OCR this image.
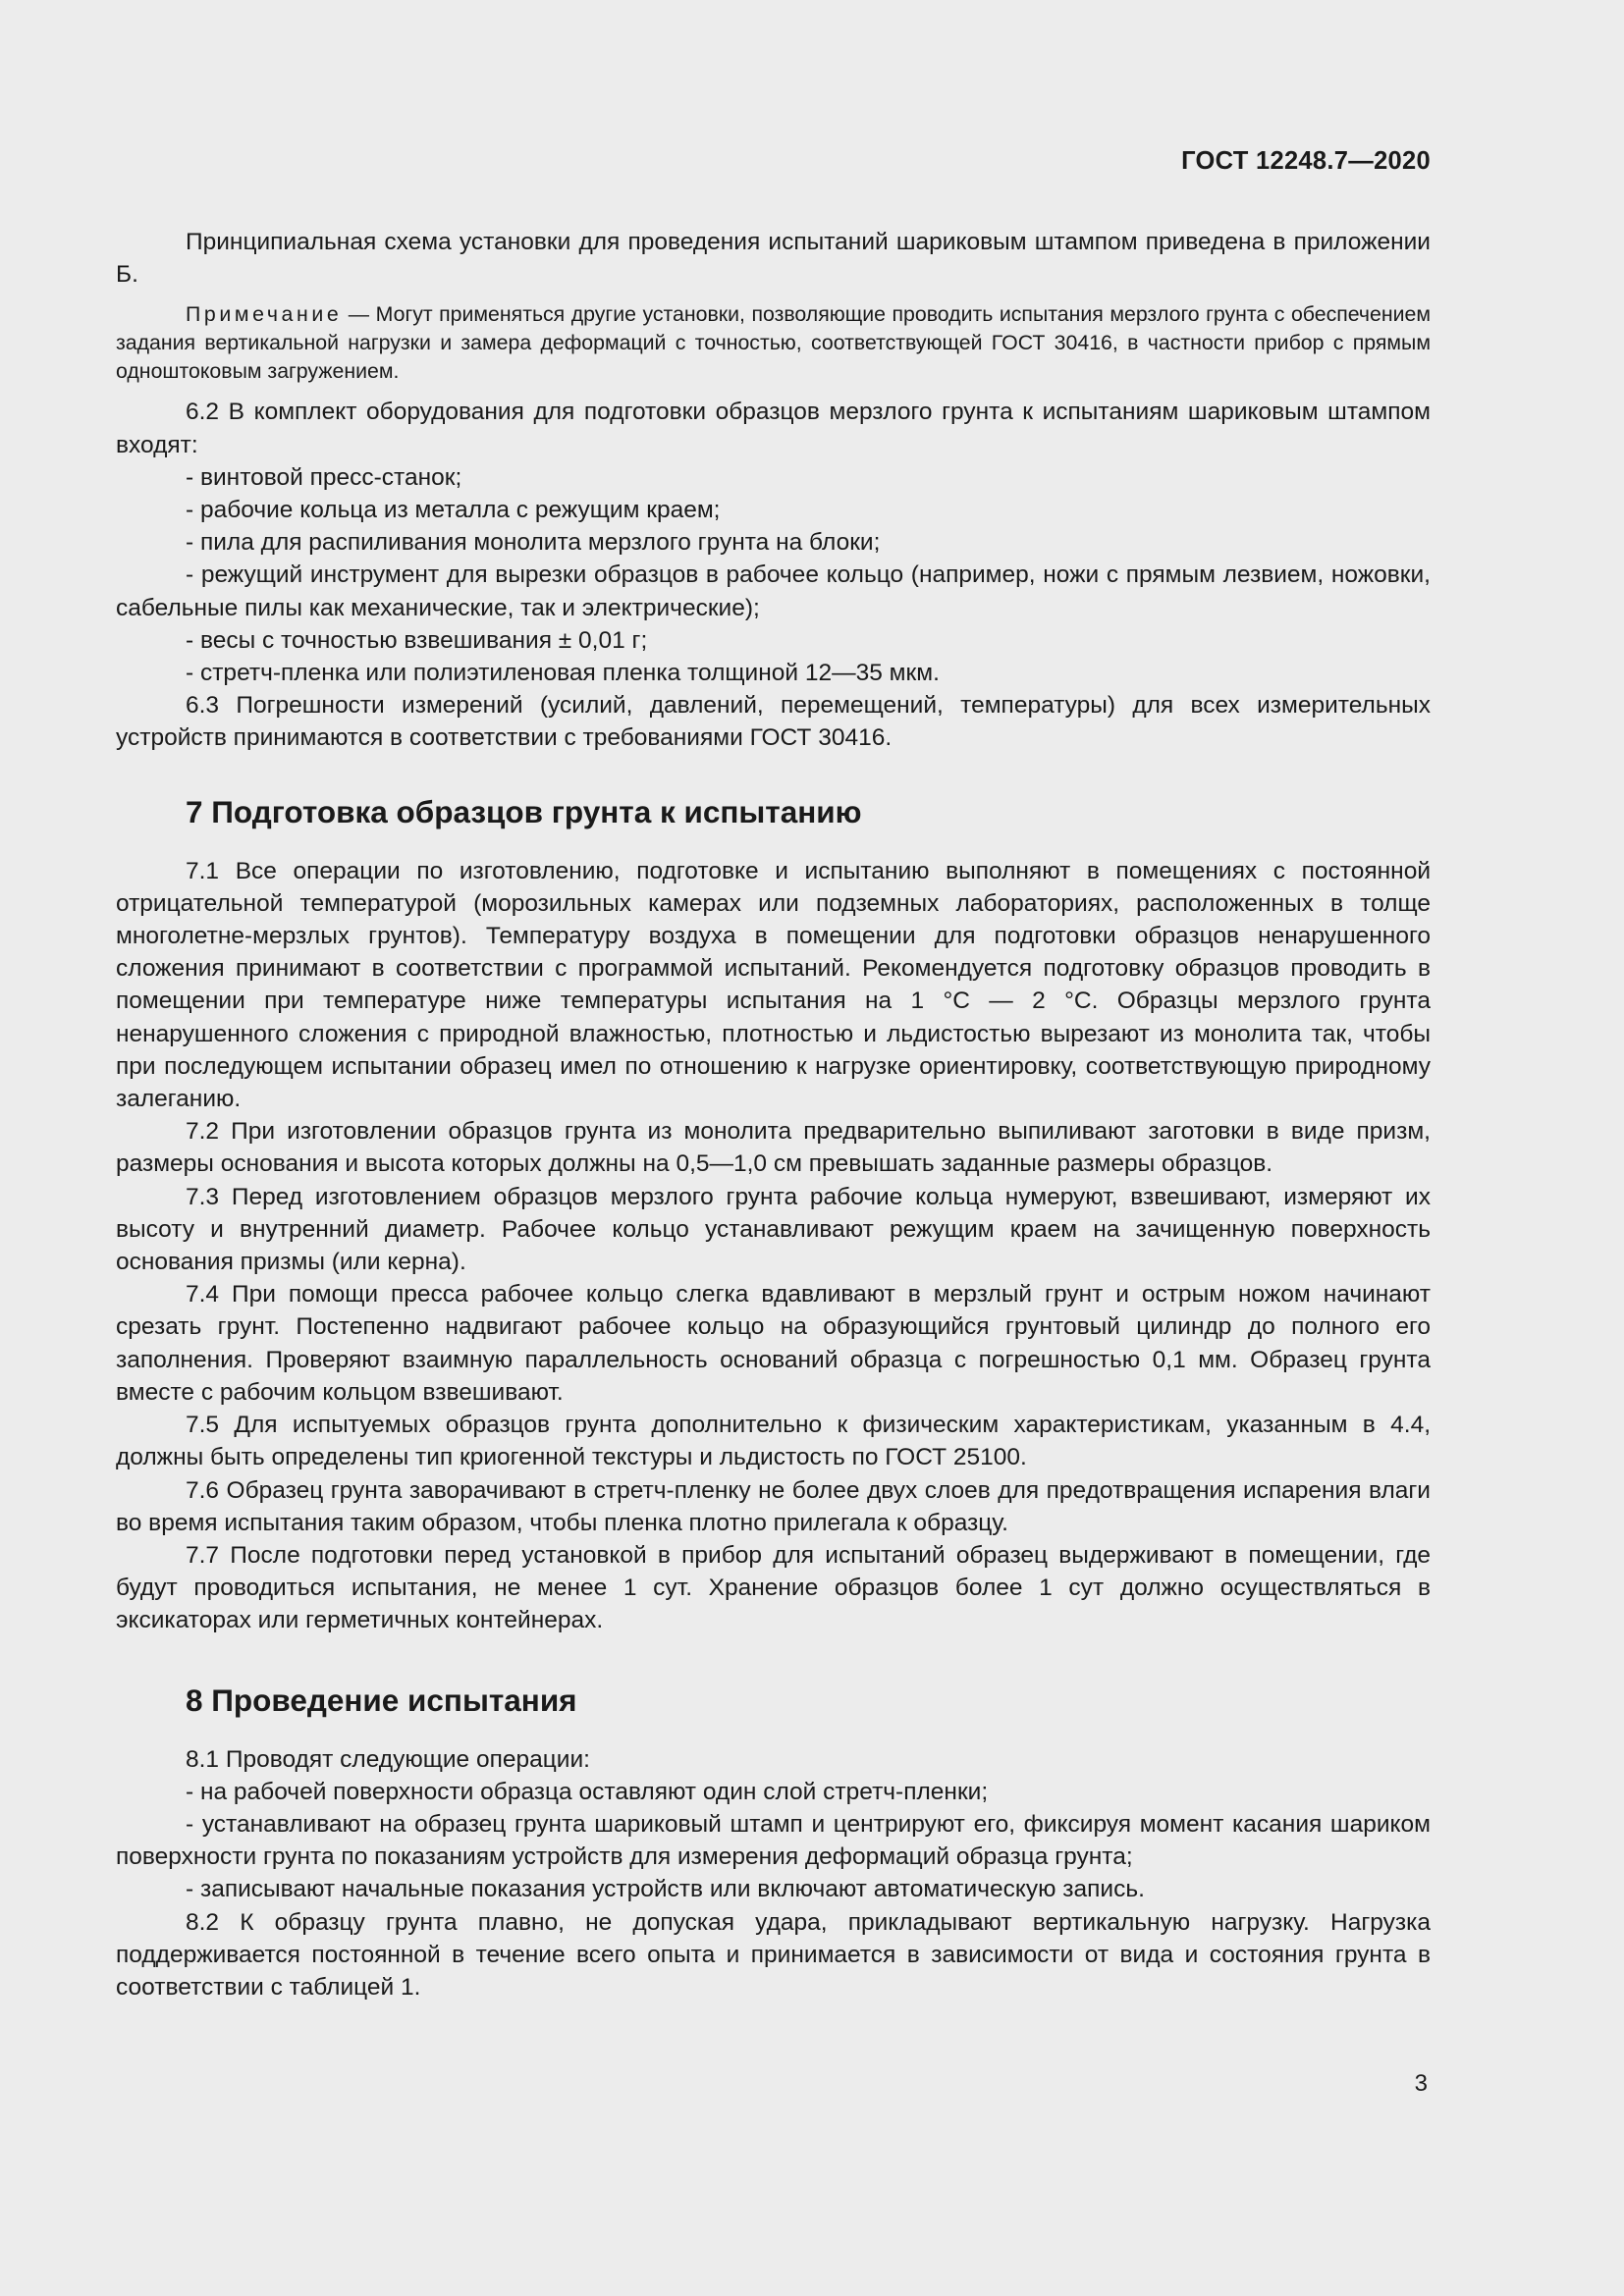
ГОСТ 12248.7—2020

Принципиальная схема установки для проведения испытаний шариковым штампом приведена в приложении Б.

Примечание — Могут применяться другие установки, позволяющие проводить испытания мерзлого грунта с обеспечением задания вертикальной нагрузки и замера деформаций с точностью, соответствующей ГОСТ 30416, в частности прибор с прямым одноштоковым загружением.

6.2 В комплект оборудования для подготовки образцов мерзлого грунта к испытаниям шариковым штампом входят:

- винтовой пресс-станок;

- рабочие кольца из металла с режущим краем;

- пила для распиливания монолита мерзлого грунта на блоки;

- режущий инструмент для вырезки образцов в рабочее кольцо (например, ножи с прямым лезвием, ножовки, сабельные пилы как механические, так и электрические);

- весы с точностью взвешивания ± 0,01 г;

- стретч-пленка или полиэтиленовая пленка толщиной 12—35 мкм.

6.3 Погрешности измерений (усилий, давлений, перемещений, температуры) для всех измерительных устройств принимаются в соответствии с требованиями ГОСТ 30416.

7 Подготовка образцов грунта к испытанию

7.1 Все операции по изготовлению, подготовке и испытанию выполняют в помещениях с постоянной отрицательной температурой (морозильных камерах или подземных лабораториях, расположенных в толще многолетне-мерзлых грунтов). Температуру воздуха в помещении для подготовки образцов ненарушенного сложения принимают в соответствии с программой испытаний. Рекомендуется подготовку образцов проводить в помещении при температуре ниже температуры испытания на 1 °С — 2 °С. Образцы мерзлого грунта ненарушенного сложения с природной влажностью, плотностью и льдистостью вырезают из монолита так, чтобы при последующем испытании образец имел по отношению к нагрузке ориентировку, соответствующую природному залеганию.

7.2 При изготовлении образцов грунта из монолита предварительно выпиливают заготовки в виде призм, размеры основания и высота которых должны на 0,5—1,0 см превышать заданные размеры образцов.

7.3 Перед изготовлением образцов мерзлого грунта рабочие кольца нумеруют, взвешивают, измеряют их высоту и внутренний диаметр. Рабочее кольцо устанавливают режущим краем на зачищенную поверхность основания призмы (или керна).

7.4 При помощи пресса рабочее кольцо слегка вдавливают в мерзлый грунт и острым ножом начинают срезать грунт. Постепенно надвигают рабочее кольцо на образующийся грунтовый цилиндр до полного его заполнения. Проверяют взаимную параллельность оснований образца с погрешностью 0,1 мм. Образец грунта вместе с рабочим кольцом взвешивают.

7.5 Для испытуемых образцов грунта дополнительно к физическим характеристикам, указанным в 4.4, должны быть определены тип криогенной текстуры и льдистость по ГОСТ 25100.

7.6 Образец грунта заворачивают в стретч-пленку не более двух слоев для предотвращения испарения влаги во время испытания таким образом, чтобы пленка плотно прилегала к образцу.

7.7 После подготовки перед установкой в прибор для испытаний образец выдерживают в помещении, где будут проводиться испытания, не менее 1 сут. Хранение образцов более 1 сут должно осуществляться в эксикаторах или герметичных контейнерах.

8 Проведение испытания

8.1 Проводят следующие операции:

- на рабочей поверхности образца оставляют один слой стретч-пленки;

- устанавливают на образец грунта шариковый штамп и центрируют его, фиксируя момент касания шариком поверхности грунта по показаниям устройств для измерения деформаций образца грунта;

- записывают начальные показания устройств или включают автоматическую запись.

8.2 К образцу грунта плавно, не допуская удара, прикладывают вертикальную нагрузку. Нагрузка поддерживается постоянной в течение всего опыта и принимается в зависимости от вида и состояния грунта в соответствии с таблицей 1.

3
